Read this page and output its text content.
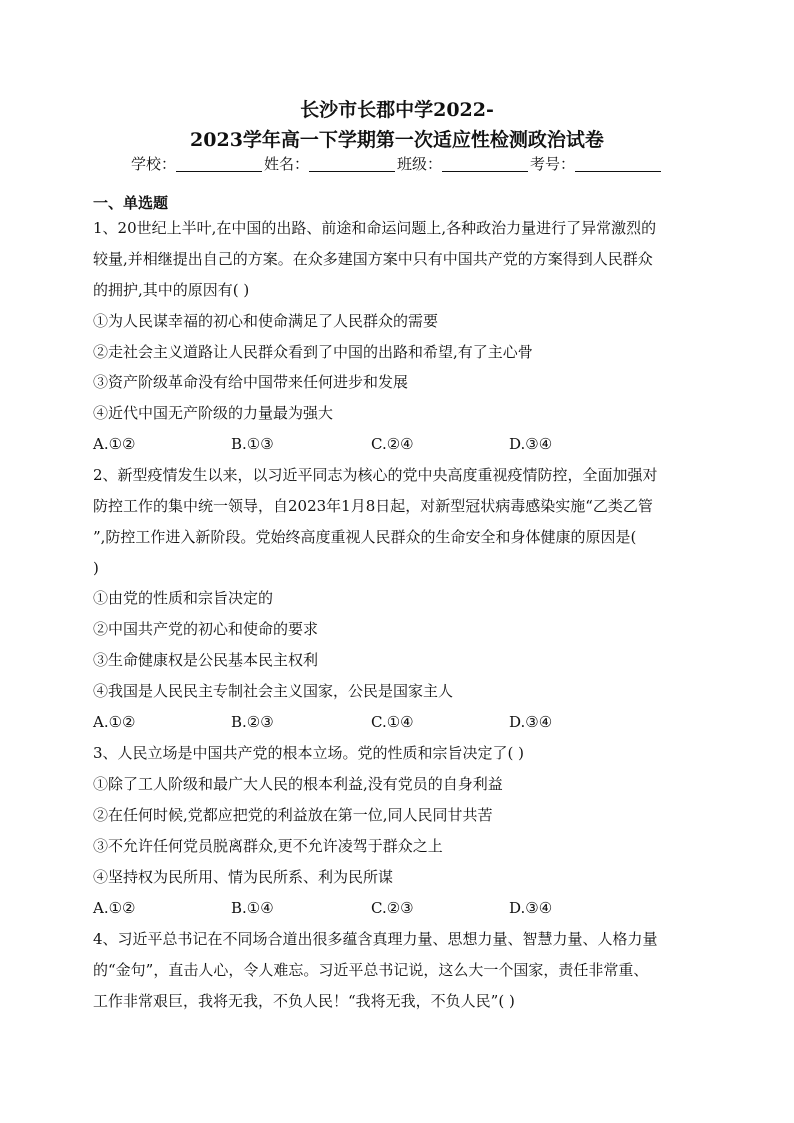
长沙市长郡中学2022-
2023学年高一下学期第一次适应性检测政治试卷
学校：	姓名：	班级：	考号：
一、单选题
1、20世纪上半叶,在中国的出路、前途和命运问题上,各种政治力量进行了异常激烈的
较量,并相继提出自己的方案。在众多建国方案中只有中国共产党的方案得到人民群众
的拥护,其中的原因有( )
①为人民谋幸福的初心和使命满足了人民群众的需要
②走社会主义道路让人民群众看到了中国的出路和希望,有了主心骨
③资产阶级革命没有给中国带来任何进步和发展
④近代中国无产阶级的力量最为强大
A.①②	B.①③	C.②④	D.③④
2、新型疫情发生以来，以习近平同志为核心的党中央高度重视疫情防控，全面加强对
防控工作的集中统一领导，自2023年1月8日起，对新型冠状病毒感染实施“乙类乙管
”,防控工作进入新阶段。党始终高度重视人民群众的生命安全和身体健康的原因是(
)
①由党的性质和宗旨决定的
②中国共产党的初心和使命的要求
③生命健康权是公民基本民主权利
④我国是人民民主专制社会主义国家，公民是国家主人
A.①②	B.②③	C.①④	D.③④
3、人民立场是中国共产党的根本立场。党的性质和宗旨决定了( )
①除了工人阶级和最广大人民的根本利益,没有党员的自身利益
②在任何时候,党都应把党的利益放在第一位,同人民同甘共苦
③不允许任何党员脱离群众,更不允许凌驾于群众之上
④坚持权为民所用、情为民所系、利为民所谋
A.①②	B.①④	C.②③	D.③④
4、习近平总书记在不同场合道出很多蕴含真理力量、思想力量、智慧力量、人格力量
的“金句”，直击人心，令人难忘。习近平总书记说，这么大一个国家，责任非常重、
工作非常艰巨，我将无我，不负人民！“我将无我，不负人民”( )
